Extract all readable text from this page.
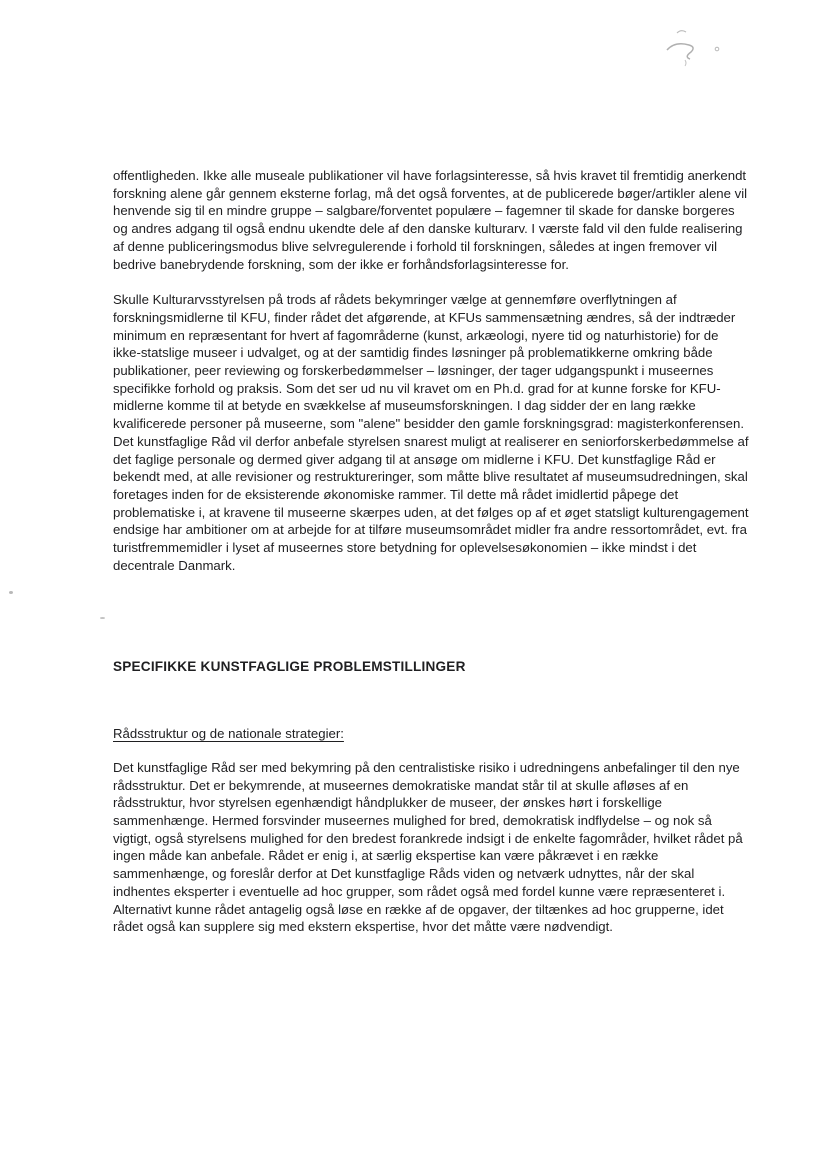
offentligheden. Ikke alle museale publikationer vil have forlagsinteresse, så hvis kravet til fremtidig anerkendt forskning alene går gennem eksterne forlag, må det også forventes, at de publicerede bøger/artikler alene vil henvende sig til en mindre gruppe – salgbare/forventet populære – fagemner til skade for danske borgeres og andres adgang til også endnu ukendte dele af den danske kulturarv. I værste fald vil den fulde realisering af denne publiceringsmodus blive selvregulerende i forhold til forskningen, således at ingen fremover vil bedrive banebrydende forskning, som der ikke er forhåndsforlagsinteresse for.

Skulle Kulturarvsstyrelsen på trods af rådets bekymringer vælge at gennemføre overflytningen af forskningsmidlerne til KFU, finder rådet det afgørende, at KFUs sammensætning ændres, så der indtræder minimum en repræsentant for hvert af fagområderne (kunst, arkæologi, nyere tid og naturhistorie) for de ikke-statslige museer i udvalget, og at der samtidig findes løsninger på problematikkerne omkring både publikationer, peer reviewing og forskerbedømmelser – løsninger, der tager udgangspunkt i museernes specifikke forhold og praksis. Som det ser ud nu vil kravet om en Ph.d. grad for at kunne forske for KFU-midlerne komme til at betyde en svækkelse af museumsforskningen. I dag sidder der en lang række kvalificerede personer på museerne, som "alene" besidder den gamle forskningsgrad: magisterkonferensen. Det kunstfaglige Råd vil derfor anbefale styrelsen snarest muligt at realiserer en seniorforskerbedømmelse af det faglige personale og dermed giver adgang til at ansøge om midlerne i KFU. Det kunstfaglige Råd er bekendt med, at alle revisioner og restruktureringer, som måtte blive resultatet af museumsudredningen, skal foretages inden for de eksisterende økonomiske rammer. Til dette må rådet imidlertid påpege det problematiske i, at kravene til museerne skærpes uden, at det følges op af et øget statsligt kulturengagement endsige har ambitioner om at arbejde for at tilføre museumsområdet midler fra andre ressortområdet, evt. fra turistfremmemidler i lyset af museernes store betydning for oplevelsesøkonomien – ikke mindst i det decentrale Danmark.

SPECIFIKKE KUNSTFAGLIGE PROBLEMSTILLINGER
Rådsstruktur og de nationale strategier:

Det kunstfaglige Råd ser med bekymring på den centralistiske risiko i udredningens anbefalinger til den nye rådsstruktur. Det er bekymrende, at museernes demokratiske mandat står til at skulle afløses af en rådsstruktur, hvor styrelsen egenhændigt håndplukker de museer, der ønskes hørt i forskellige sammenhænge. Hermed forsvinder museernes mulighed for bred, demokratisk indflydelse – og nok så vigtigt, også styrelsens mulighed for den bredest forankrede indsigt i de enkelte fagområder, hvilket rådet på ingen måde kan anbefale. Rådet er enig i, at særlig ekspertise kan være påkrævet i en række sammenhænge, og foreslår derfor at Det kunstfaglige Råds viden og netværk udnyttes, når der skal indhentes eksperter i eventuelle ad hoc grupper, som rådet også med fordel kunne være repræsenteret i. Alternativt kunne rådet antagelig også løse en række af de opgaver, der tiltænkes ad hoc grupperne, idet rådet også kan supplere sig med ekstern ekspertise, hvor det måtte være nødvendigt.
